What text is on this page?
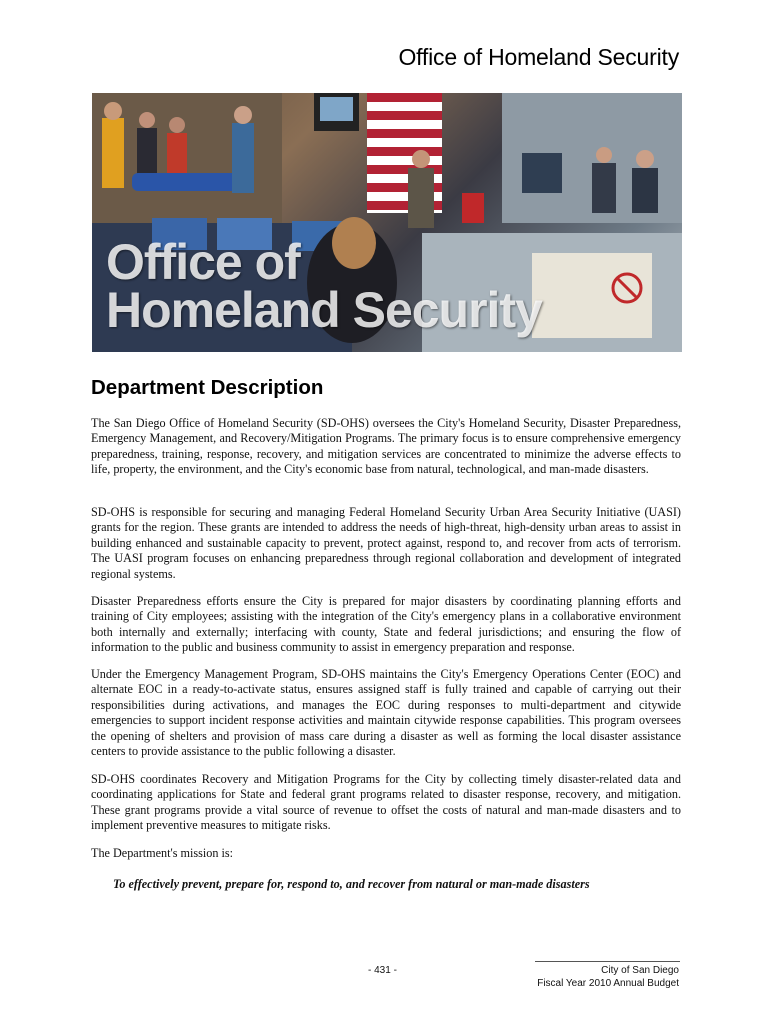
Office of Homeland Security
Office of
Homeland Security
Department Description

The San Diego Office of Homeland Security (SD-OHS) oversees the City's Homeland Security, Disaster Preparedness, Emergency Management, and Recovery/Mitigation Programs. The primary focus is to ensure comprehensive emergency preparedness, training, response, recovery, and mitigation services are concentrated to minimize the adverse effects to life, property, the environment, and the City's economic base from natural, technological, and man-made disasters.

SD-OHS is responsible for securing and managing Federal Homeland Security Urban Area Security Initiative (UASI) grants for the region. These grants are intended to address the needs of high-threat, high-density urban areas to assist in building enhanced and sustainable capacity to prevent, protect against, respond to, and recover from acts of terrorism. The UASI program focuses on enhancing preparedness through regional collaboration and development of integrated regional systems.

Disaster Preparedness efforts ensure the City is prepared for major disasters by coordinating planning efforts and training of City employees; assisting with the integration of the City's emergency plans in a collaborative environment both internally and externally; interfacing with county, State and federal jurisdictions; and ensuring the flow of information to the public and business community to assist in emergency preparation and response.

Under the Emergency Management Program, SD-OHS maintains the City's Emergency Operations Center (EOC) and alternate EOC in a ready-to-activate status, ensures assigned staff is fully trained and capable of carrying out their responsibilities during activations, and manages the EOC during responses to multi-department and citywide emergencies to support incident response activities and maintain citywide response capabilities. This program oversees the opening of shelters and provision of mass care during a disaster as well as forming the local disaster assistance centers to provide assistance to the public following a disaster.

SD-OHS coordinates Recovery and Mitigation Programs for the City by collecting timely disaster-related data and coordinating applications for State and federal grant programs related to disaster response, recovery, and mitigation. These grant programs provide a vital source of revenue to offset the costs of natural and man-made disasters and to implement preventive measures to mitigate risks.

The Department's mission is:

To effectively prevent, prepare for, respond to, and recover from natural or man-made disasters

- 431 -	City of San Diego
Fiscal Year 2010 Annual Budget
